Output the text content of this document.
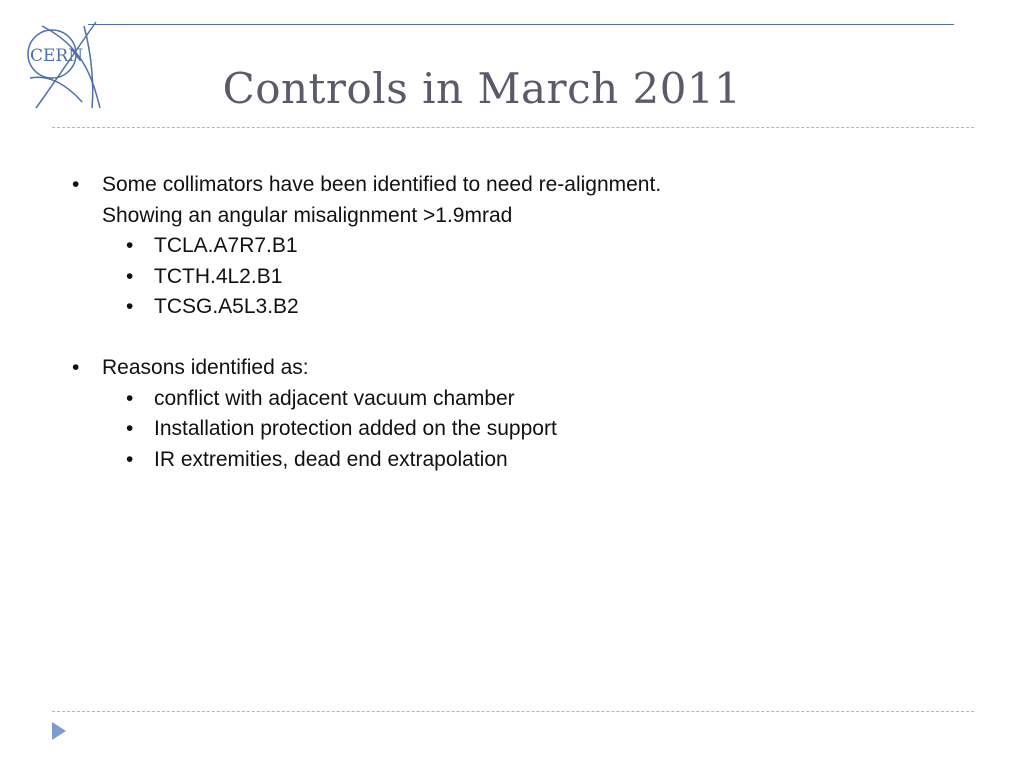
CERN
Controls in March 2011
• Some collimators have been identified to need re-alignment.
Showing an angular misalignment >1.9mrad
• TCLA.A7R7.B1
• TCTH.4L2.B1
• TCSG.A5L3.B2
• Reasons identified as:
• conflict with adjacent vacuum chamber
• Installation protection added on the support
• IR extremities, dead end extrapolation
